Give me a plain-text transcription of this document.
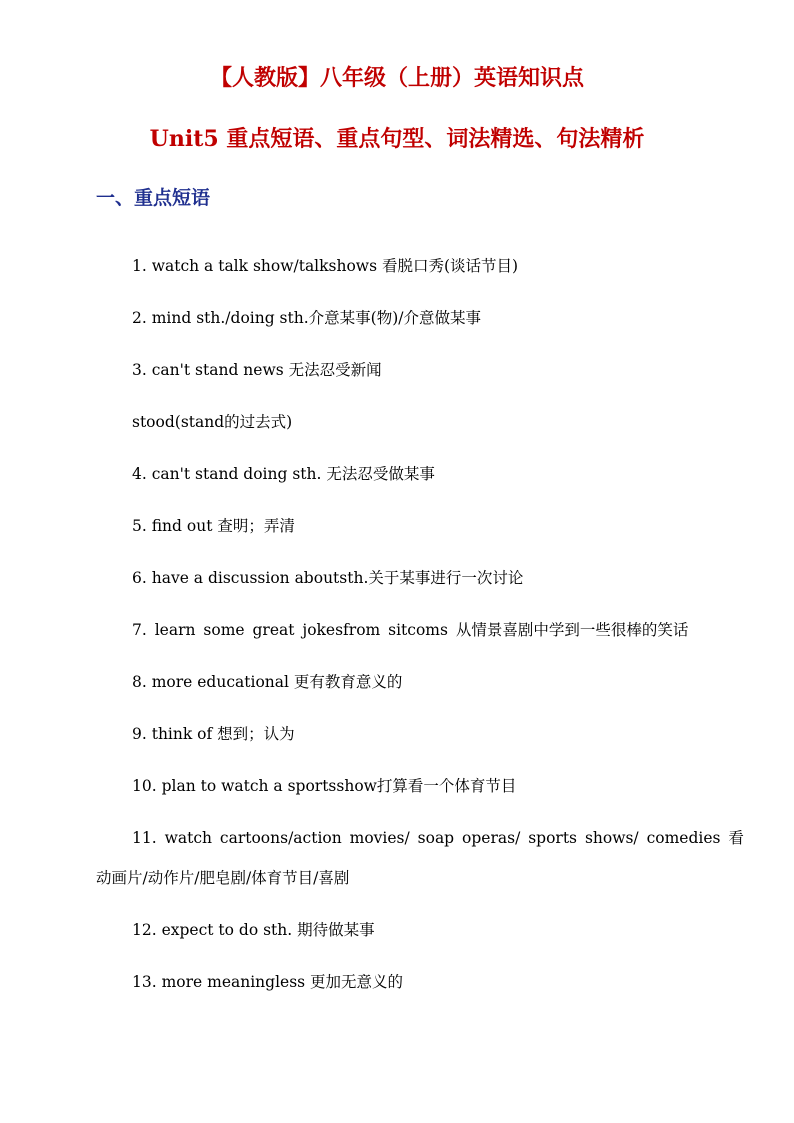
【人教版】八年级（上册）英语知识点
Unit5 重点短语、重点句型、词法精选、句法精析
一、重点短语
1. watch a talk show/talkshows 看脱口秀(谈话节目)
2. mind sth./doing sth.介意某事(物)/介意做某事
3. can't stand news 无法忍受新闻
stood(stand的过去式)
4. can't stand doing sth. 无法忍受做某事
5. find out 查明；弄清
6. have a discussion aboutsth.关于某事进行一次讨论
7. learn some great jokesfrom sitcoms 从情景喜剧中学到一些很棒的笑话
8. more educational 更有教育意义的
9. think of 想到；认为
10. plan to watch a sportsshow打算看一个体育节目
11. watch cartoons/action movies/ soap operas/ sports shows/ comedies 看动画片/动作片/肥皂剧/体育节目/喜剧
12. expect to do sth. 期待做某事
13. more meaningless 更加无意义的
